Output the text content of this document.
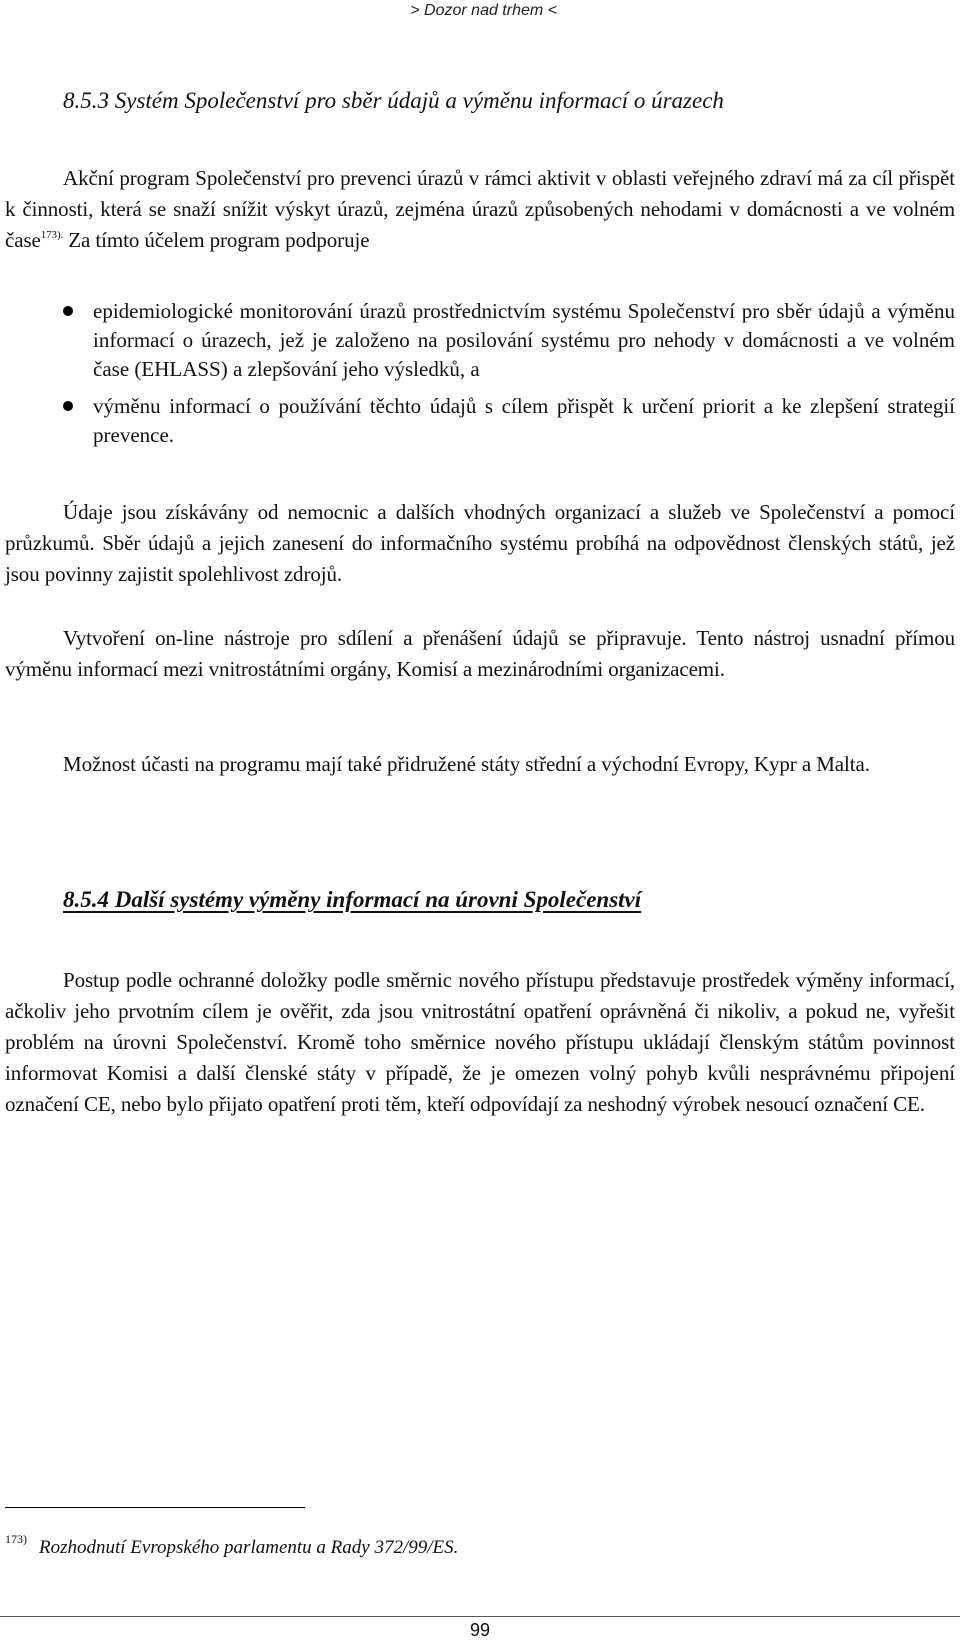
> Dozor nad trhem <
8.5.3 Systém Společenství pro sběr údajů a výměnu informací o úrazech
Akční program Společenství pro prevenci úrazů v rámci aktivit v oblasti veřejného zdraví má za cíl přispět k činnosti, která se snaží snížit výskyt úrazů, zejména úrazů způsobených nehodami v domácnosti a ve volném čase$^{173).}$ Za tímto účelem program podporuje
epidemiologické monitorování úrazů prostřednictvím systému Společenství pro sběr údajů a výměnu informací o úrazech, jež je založeno na posilování systému pro nehody v domácnosti a ve volném čase (EHLASS) a zlepšování jeho výsledků, a
výměnu informací o používání těchto údajů s cílem přispět k určení priorit a ke zlepšení strategií prevence.
Údaje jsou získávány od nemocnic a dalších vhodných organizací a služeb ve Společenství a pomocí průzkumů. Sběr údajů a jejich zanesení do informačního systému probíhá na odpovědnost členských států, jež jsou povinny zajistit spolehlivost zdrojů.
Vytvoření on-line nástroje pro sdílení a přenášení údajů se připravuje. Tento nástroj usnadní přímou výměnu informací mezi vnitrostátními orgány, Komisí a mezinárodními organizacemi.
Možnost účasti na programu mají také přidružené státy střední a východní Evropy, Kypr a Malta.
8.5.4 Další systémy výměny informací na úrovni Společenství
Postup podle ochranné doložky podle směrnic nového přístupu představuje prostředek výměny informací, ačkoliv jeho prvotním cílem je ověřit, zda jsou vnitrostátní opatření oprávněná či nikoliv, a pokud ne, vyřešit problém na úrovni Společenství. Kromě toho směrnice nového přístupu ukládají členským státům povinnost informovat Komisi a další členské státy v případě, že je omezen volný pohyb kvůli nesprávnému připojení označení CE, nebo bylo přijato opatření proti těm, kteří odpovídají za neshodný výrobek nesoucí označení CE.
173) Rozhodnutí Evropského parlamentu a Rady 372/99/ES.
99
